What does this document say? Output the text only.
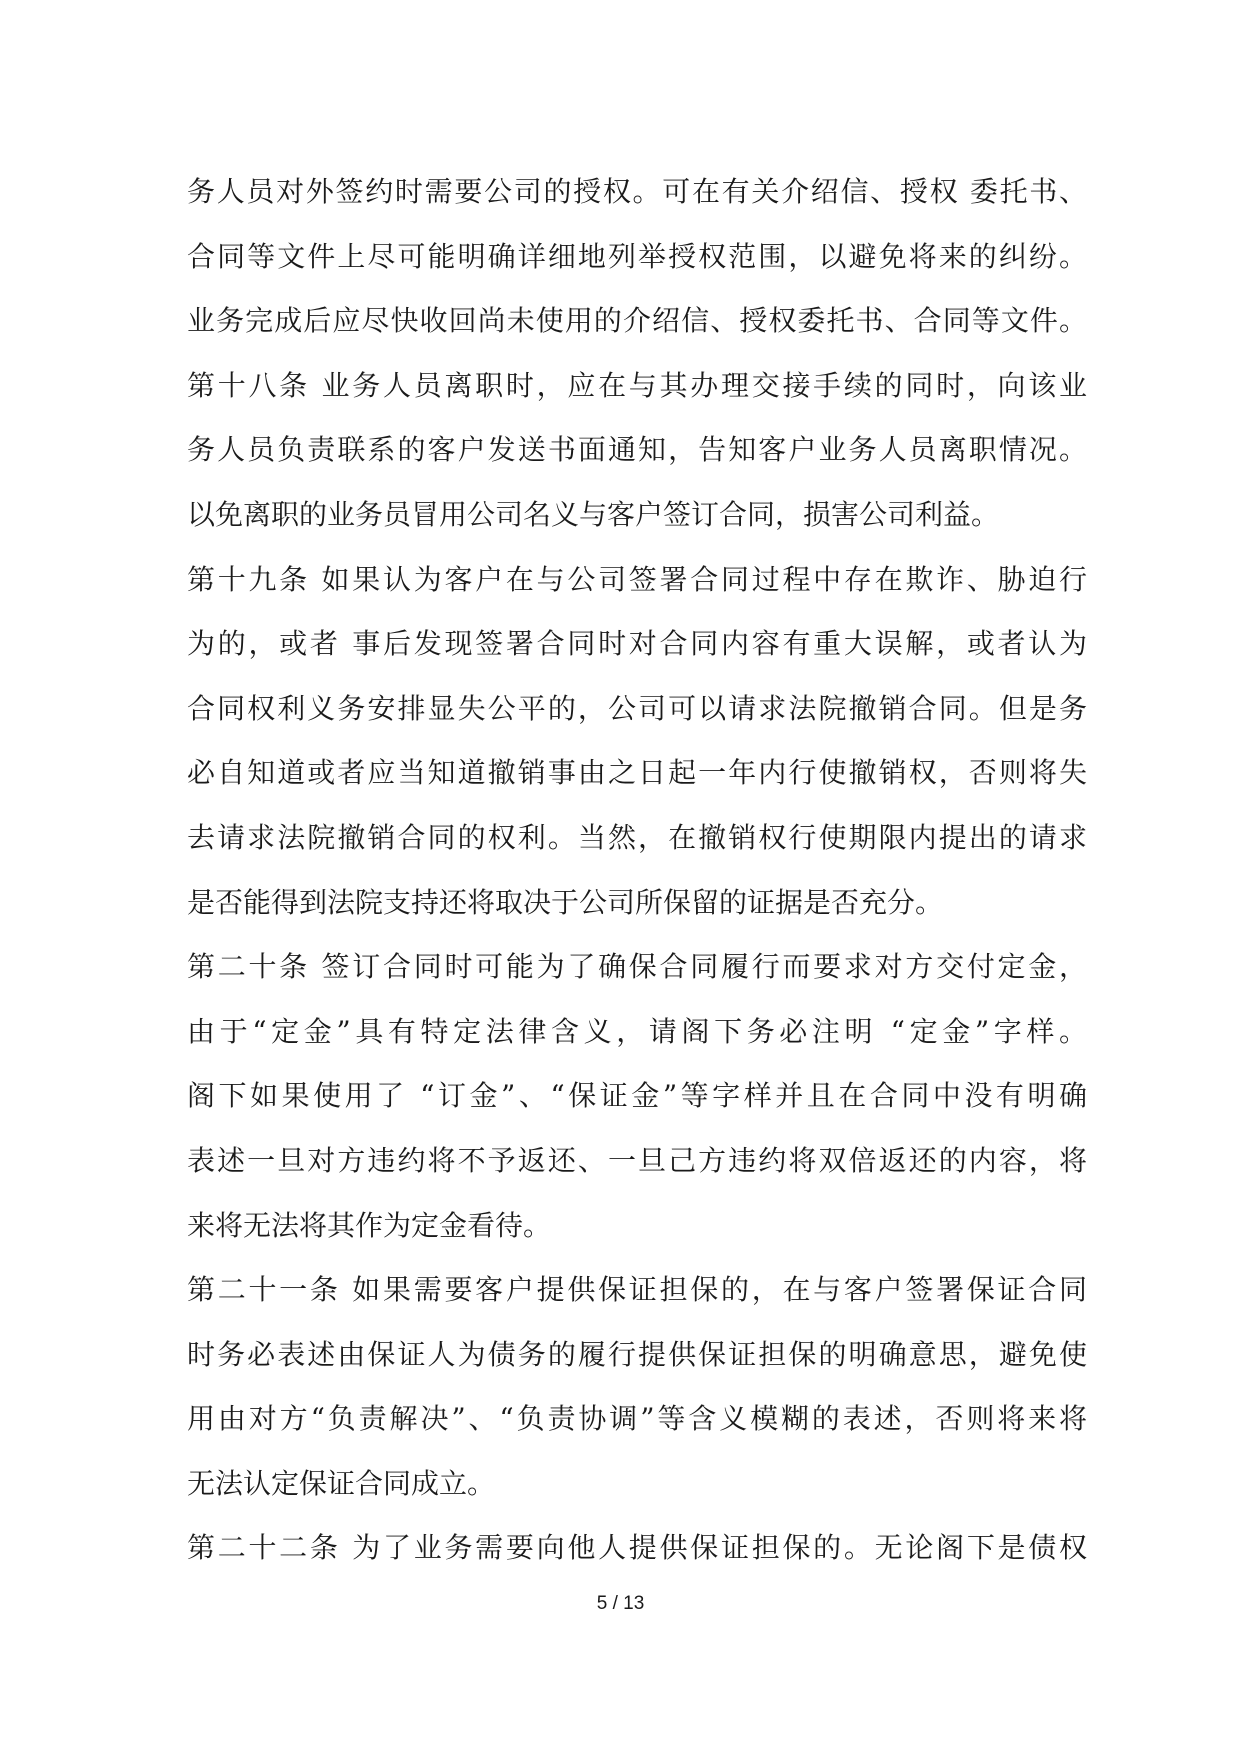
务人员对外签约时需要公司的授权。可在有关介绍信、授权 委托书、
合同等文件上尽可能明确详细地列举授权范围，以避免将来的纠纷。
业务完成后应尽快收回尚未使用的介绍信、授权委托书、合同等文件。
第十八条 业务人员离职时，应在与其办理交接手续的同时，向该业
务人员负责联系的客户发送书面通知，告知客户业务人员离职情况。
以免离职的业务员冒用公司名义与客户签订合同，损害公司利益。
第十九条 如果认为客户在与公司签署合同过程中存在欺诈、胁迫行
为的，或者 事后发现签署合同时对合同内容有重大误解，或者认为
合同权利义务安排显失公平的，公司可以请求法院撤销合同。但是务
必自知道或者应当知道撤销事由之日起一年内行使撤销权，否则将失
去请求法院撤销合同的权利。当然，在撤销权行使期限内提出的请求
是否能得到法院支持还将取决于公司所保留的证据是否充分。
第二十条 签订合同时可能为了确保合同履行而要求对方交付定金，
由于“定金”具有特定法律含义，请阁下务必注明 “定金”字样。
阁下如果使用了 “订金”、“保证金”等字样并且在合同中没有明确
表述一旦对方违约将不予返还、一旦己方违约将双倍返还的内容，将
来将无法将其作为定金看待。
第二十一条 如果需要客户提供保证担保的，在与客户签署保证合同
时务必表述由保证人为债务的履行提供保证担保的明确意思，避免使
用由对方“负责解决”、“负责协调”等含义模糊的表述，否则将来将
无法认定保证合同成立。
第二十二条 为了业务需要向他人提供保证担保的。无论阁下是债权
5 / 13
